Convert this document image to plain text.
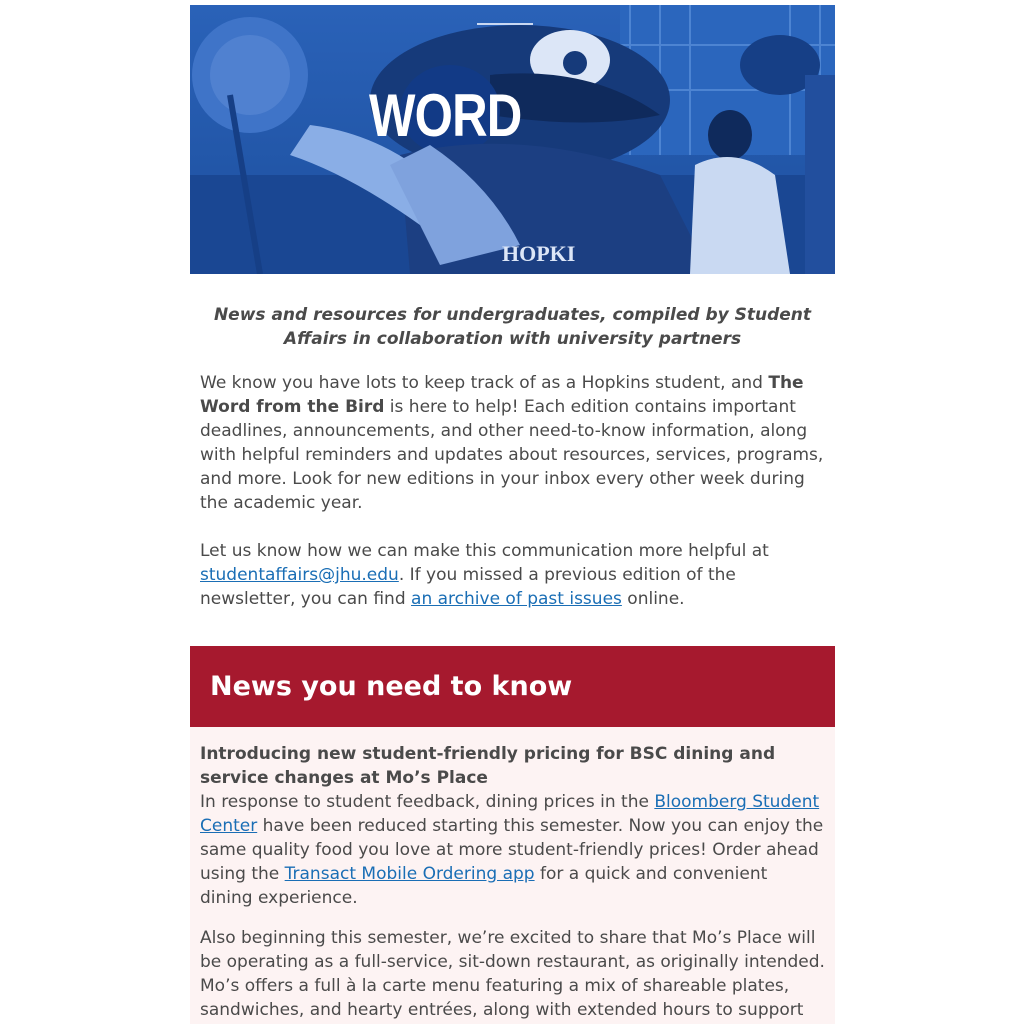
HOPKI
WORD
News and resources for undergraduates, compiled by Student Affairs in collaboration with university partners

We know you have lots to keep track of as a Hopkins student, and The Word from the Bird is here to help! Each edition contains important deadlines, announcements, and other need-to-know information, along with helpful reminders and updates about resources, services, programs, and more. Look for new editions in your inbox every other week during the academic year.

Let us know how we can make this communication more helpful at studentaffairs@jhu.edu. If you missed a previous edition of the newsletter, you can find an archive of past issues online.

News you need to know
Introducing new student-friendly pricing for BSC dining and service changes at Mo’s Place

In response to student feedback, dining prices in the Bloomberg Student Center have been reduced starting this semester. Now you can enjoy the same quality food you love at more student-friendly prices! Order ahead using the Transact Mobile Ordering app for a quick and convenient dining experience.

Also beginning this semester, we’re excited to share that Mo’s Place will be operating as a full-service, sit-down restaurant, as originally intended. Mo’s offers a full à la carte menu featuring a mix of shareable plates, sandwiches, and hearty entrées, along with extended hours to support
